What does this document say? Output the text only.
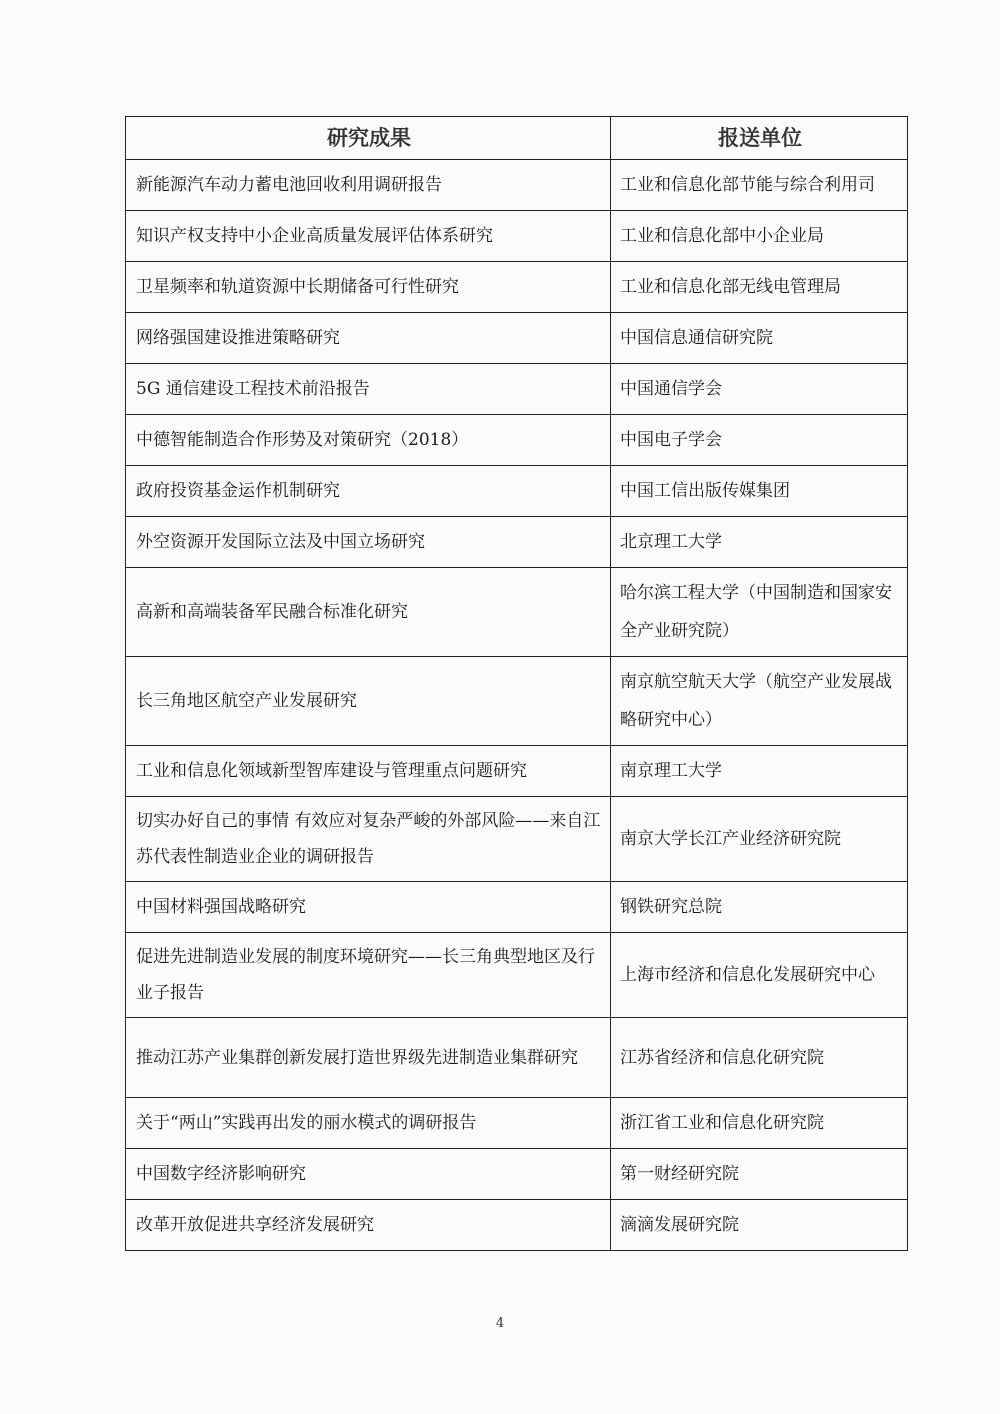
研究成果	报送单位
新能源汽车动力蓄电池回收利用调研报告	工业和信息化部节能与综合利用司
知识产权支持中小企业高质量发展评估体系研究	工业和信息化部中小企业局
卫星频率和轨道资源中长期储备可行性研究	工业和信息化部无线电管理局
网络强国建设推进策略研究	中国信息通信研究院
5G 通信建设工程技术前沿报告	中国通信学会
中德智能制造合作形势及对策研究（2018）	中国电子学会
政府投资基金运作机制研究	中国工信出版传媒集团
外空资源开发国际立法及中国立场研究	北京理工大学
高新和高端装备军民融合标准化研究	哈尔滨工程大学（中国制造和国家安全产业研究院）
长三角地区航空产业发展研究	南京航空航天大学（航空产业发展战略研究中心）
工业和信息化领域新型智库建设与管理重点问题研究	南京理工大学
切实办好自己的事情 有效应对复杂严峻的外部风险——来自江苏代表性制造业企业的调研报告	南京大学长江产业经济研究院
中国材料强国战略研究	钢铁研究总院
促进先进制造业发展的制度环境研究——长三角典型地区及行业子报告	上海市经济和信息化发展研究中心
推动江苏产业集群创新发展打造世界级先进制造业集群研究	江苏省经济和信息化研究院
关于“两山”实践再出发的丽水模式的调研报告	浙江省工业和信息化研究院
中国数字经济影响研究	第一财经研究院
改革开放促进共享经济发展研究	滴滴发展研究院
4
